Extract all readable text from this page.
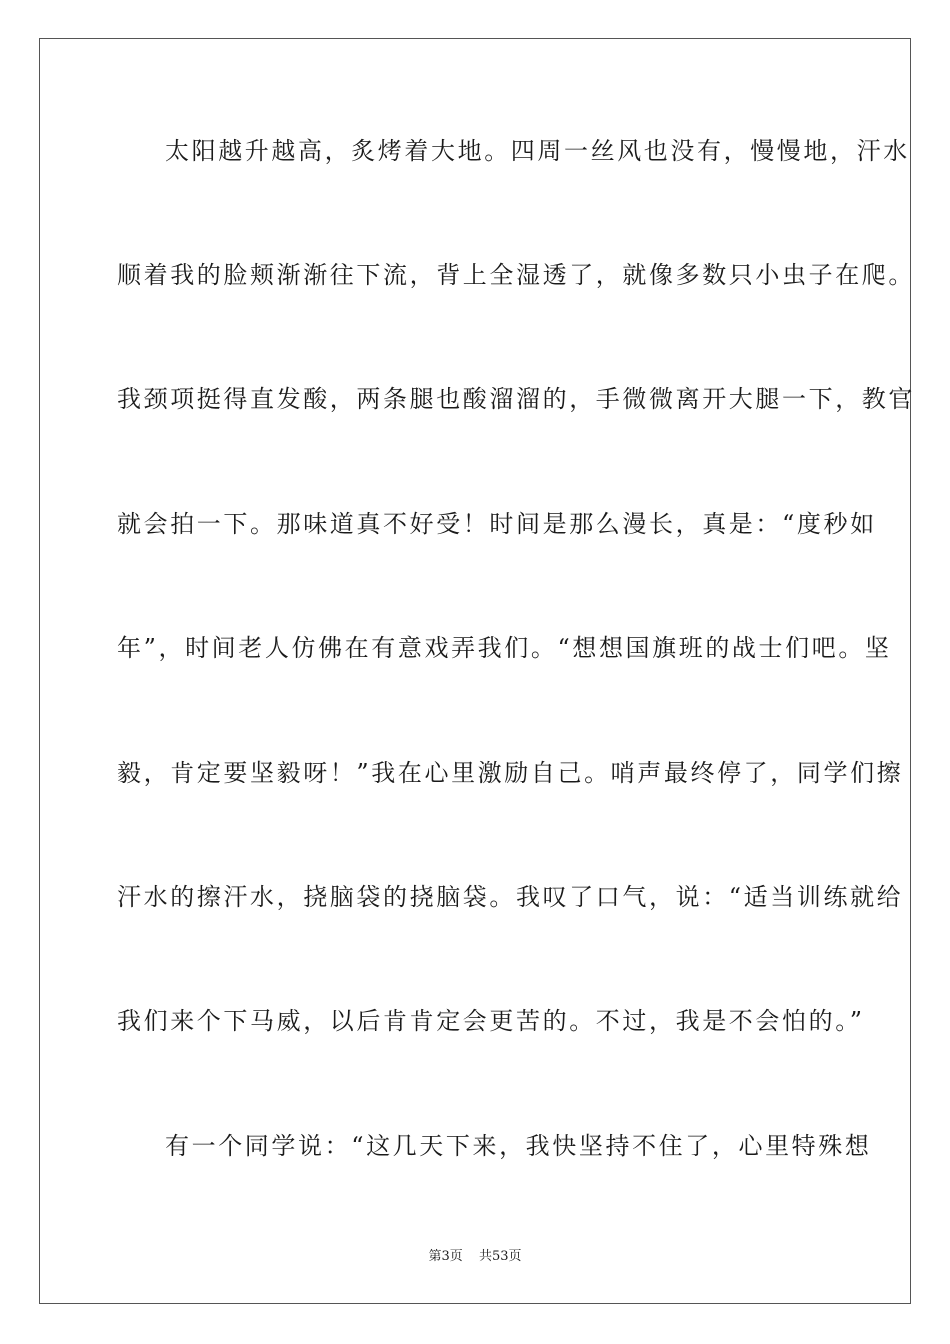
太阳越升越高，炙烤着大地。四周一丝风也没有，慢慢地，汗水
顺着我的脸颊渐渐往下流，背上全湿透了，就像多数只小虫子在爬。
我颈项挺得直发酸，两条腿也酸溜溜的，手微微离开大腿一下，教官
就会拍一下。那味道真不好受！时间是那么漫长，真是：“度秒如
年”，时间老人仿佛在有意戏弄我们。“想想国旗班的战士们吧。坚
毅，肯定要坚毅呀！”我在心里激励自己。哨声最终停了，同学们擦
汗水的擦汗水，挠脑袋的挠脑袋。我叹了口气，说：“适当训练就给
我们来个下马威，以后肯肯定会更苦的。不过，我是不会怕的。”
有一个同学说：“这几天下来，我快坚持不住了，心里特殊想
第3页 共53页
